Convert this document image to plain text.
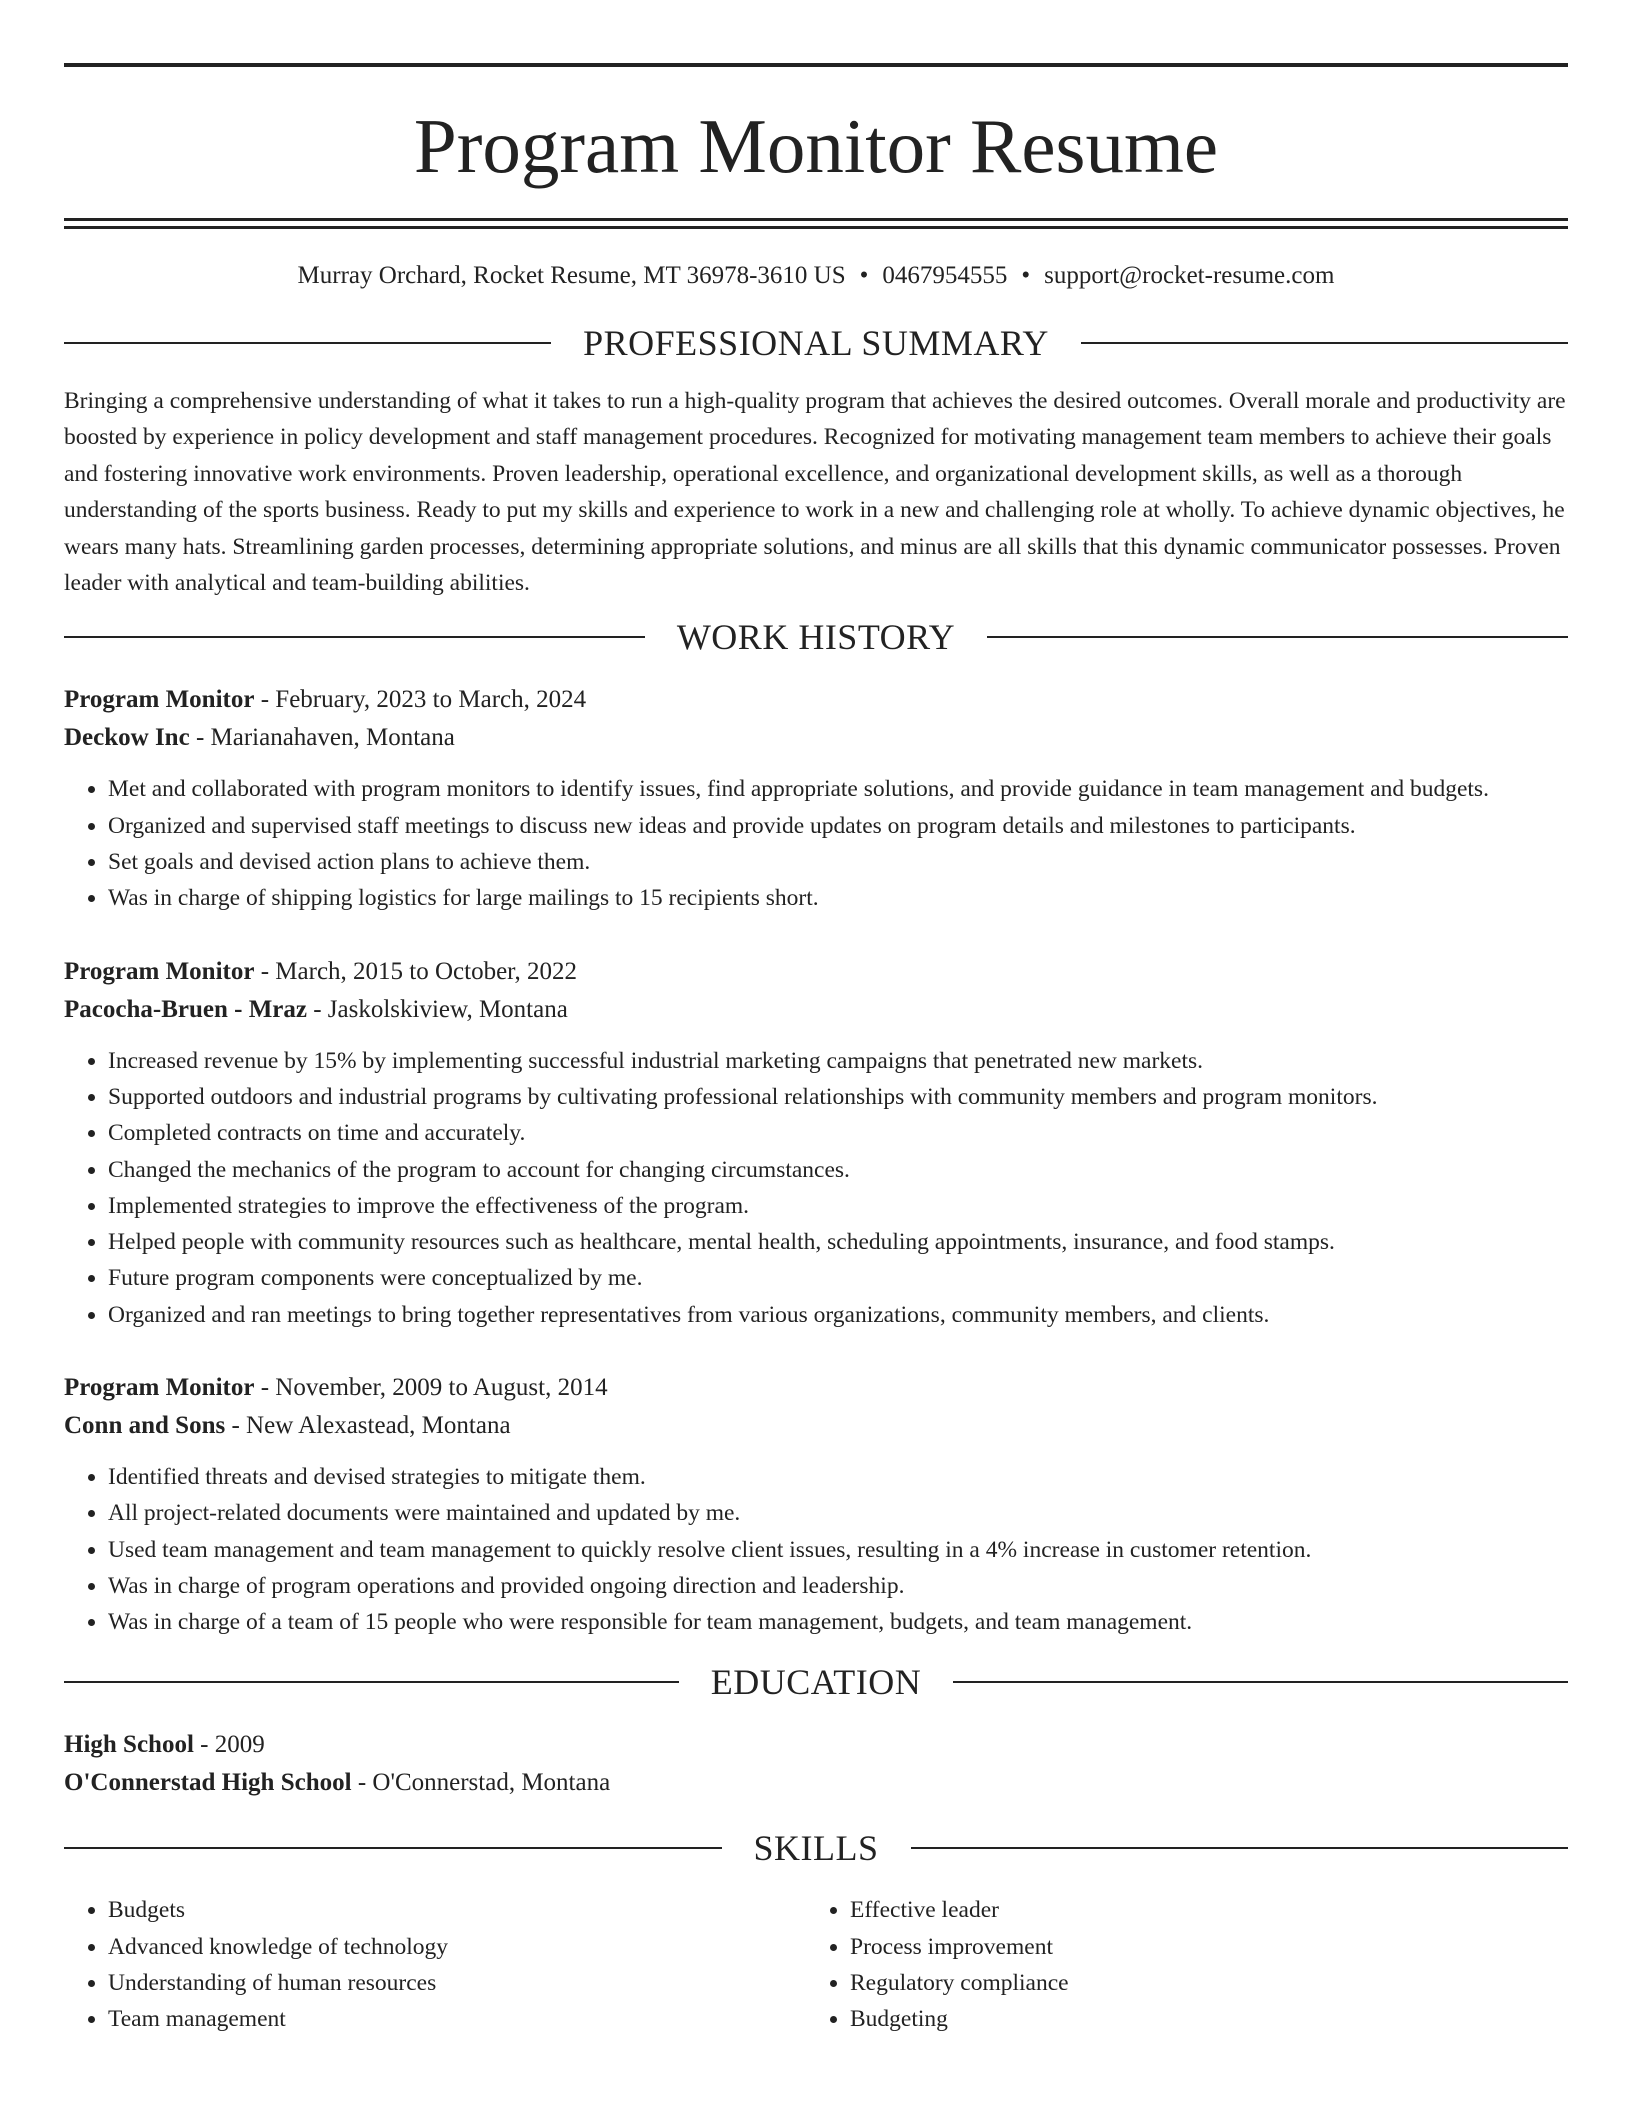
Program Monitor Resume
Murray Orchard, Rocket Resume, MT 36978-3610 US • 0467954555 • support@rocket-resume.com
PROFESSIONAL SUMMARY
Bringing a comprehensive understanding of what it takes to run a high-quality program that achieves the desired outcomes. Overall morale and productivity are boosted by experience in policy development and staff management procedures. Recognized for motivating management team members to achieve their goals and fostering innovative work environments. Proven leadership, operational excellence, and organizational development skills, as well as a thorough understanding of the sports business. Ready to put my skills and experience to work in a new and challenging role at wholly. To achieve dynamic objectives, he wears many hats. Streamlining garden processes, determining appropriate solutions, and minus are all skills that this dynamic communicator possesses. Proven leader with analytical and team-building abilities.
WORK HISTORY
Program Monitor - February, 2023 to March, 2024
Deckow Inc - Marianahaven, Montana
• Met and collaborated with program monitors to identify issues, find appropriate solutions, and provide guidance in team management and budgets.
• Organized and supervised staff meetings to discuss new ideas and provide updates on program details and milestones to participants.
• Set goals and devised action plans to achieve them.
• Was in charge of shipping logistics for large mailings to 15 recipients short.
Program Monitor - March, 2015 to October, 2022
Pacocha-Bruen - Mraz - Jaskolskiview, Montana
• Increased revenue by 15% by implementing successful industrial marketing campaigns that penetrated new markets.
• Supported outdoors and industrial programs by cultivating professional relationships with community members and program monitors.
• Completed contracts on time and accurately.
• Changed the mechanics of the program to account for changing circumstances.
• Implemented strategies to improve the effectiveness of the program.
• Helped people with community resources such as healthcare, mental health, scheduling appointments, insurance, and food stamps.
• Future program components were conceptualized by me.
• Organized and ran meetings to bring together representatives from various organizations, community members, and clients.
Program Monitor - November, 2009 to August, 2014
Conn and Sons - New Alexastead, Montana
• Identified threats and devised strategies to mitigate them.
• All project-related documents were maintained and updated by me.
• Used team management and team management to quickly resolve client issues, resulting in a 4% increase in customer retention.
• Was in charge of program operations and provided ongoing direction and leadership.
• Was in charge of a team of 15 people who were responsible for team management, budgets, and team management.
EDUCATION
High School - 2009
O'Connerstad High School - O'Connerstad, Montana
SKILLS
• Budgets
• Advanced knowledge of technology
• Understanding of human resources
• Team management
• Effective leader
• Process improvement
• Regulatory compliance
• Budgeting
